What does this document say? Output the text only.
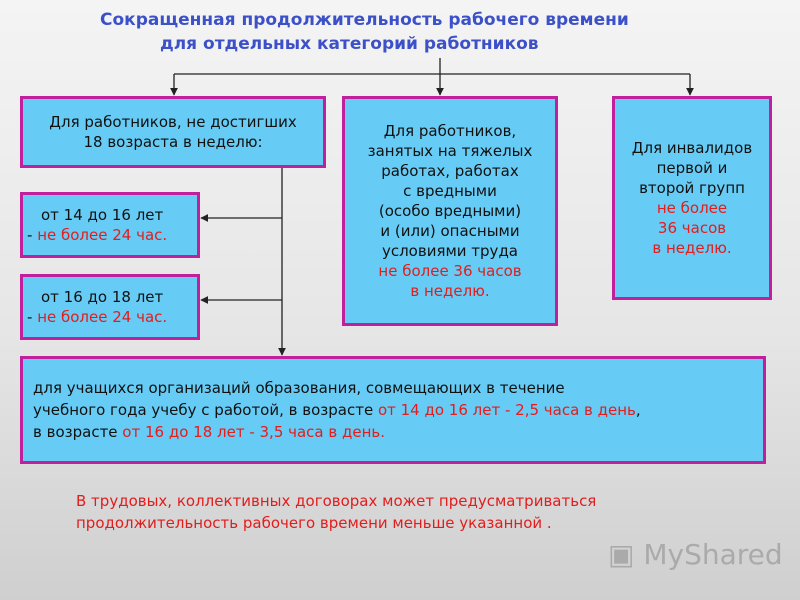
Сокращенная продолжительность рабочего времени
для отдельных категорий работников
Для работников, не достигших
18 возраста в неделю:
от 14 до 16 лет
- не более 24 час.
от 16 до 18 лет
- не более 24 час.
Для работников,
занятых на тяжелых
работах, работах
с вредными
(особо вредными)
и (или) опасными
условиями труда
не более 36 часов
в неделю.
Для инвалидов
первой и
второй групп
не более
36 часов
в неделю.
для учащихся организаций образования, совмещающих в течение
учебного года учебу с работой, в возрасте от 14 до 16 лет - 2,5 часа в день,
в возрасте от 16 до 18 лет - 3,5 часа в день.
В трудовых, коллективных договорах может предусматриваться
продолжительность рабочего времени меньше указанной .
▣ MyShared
